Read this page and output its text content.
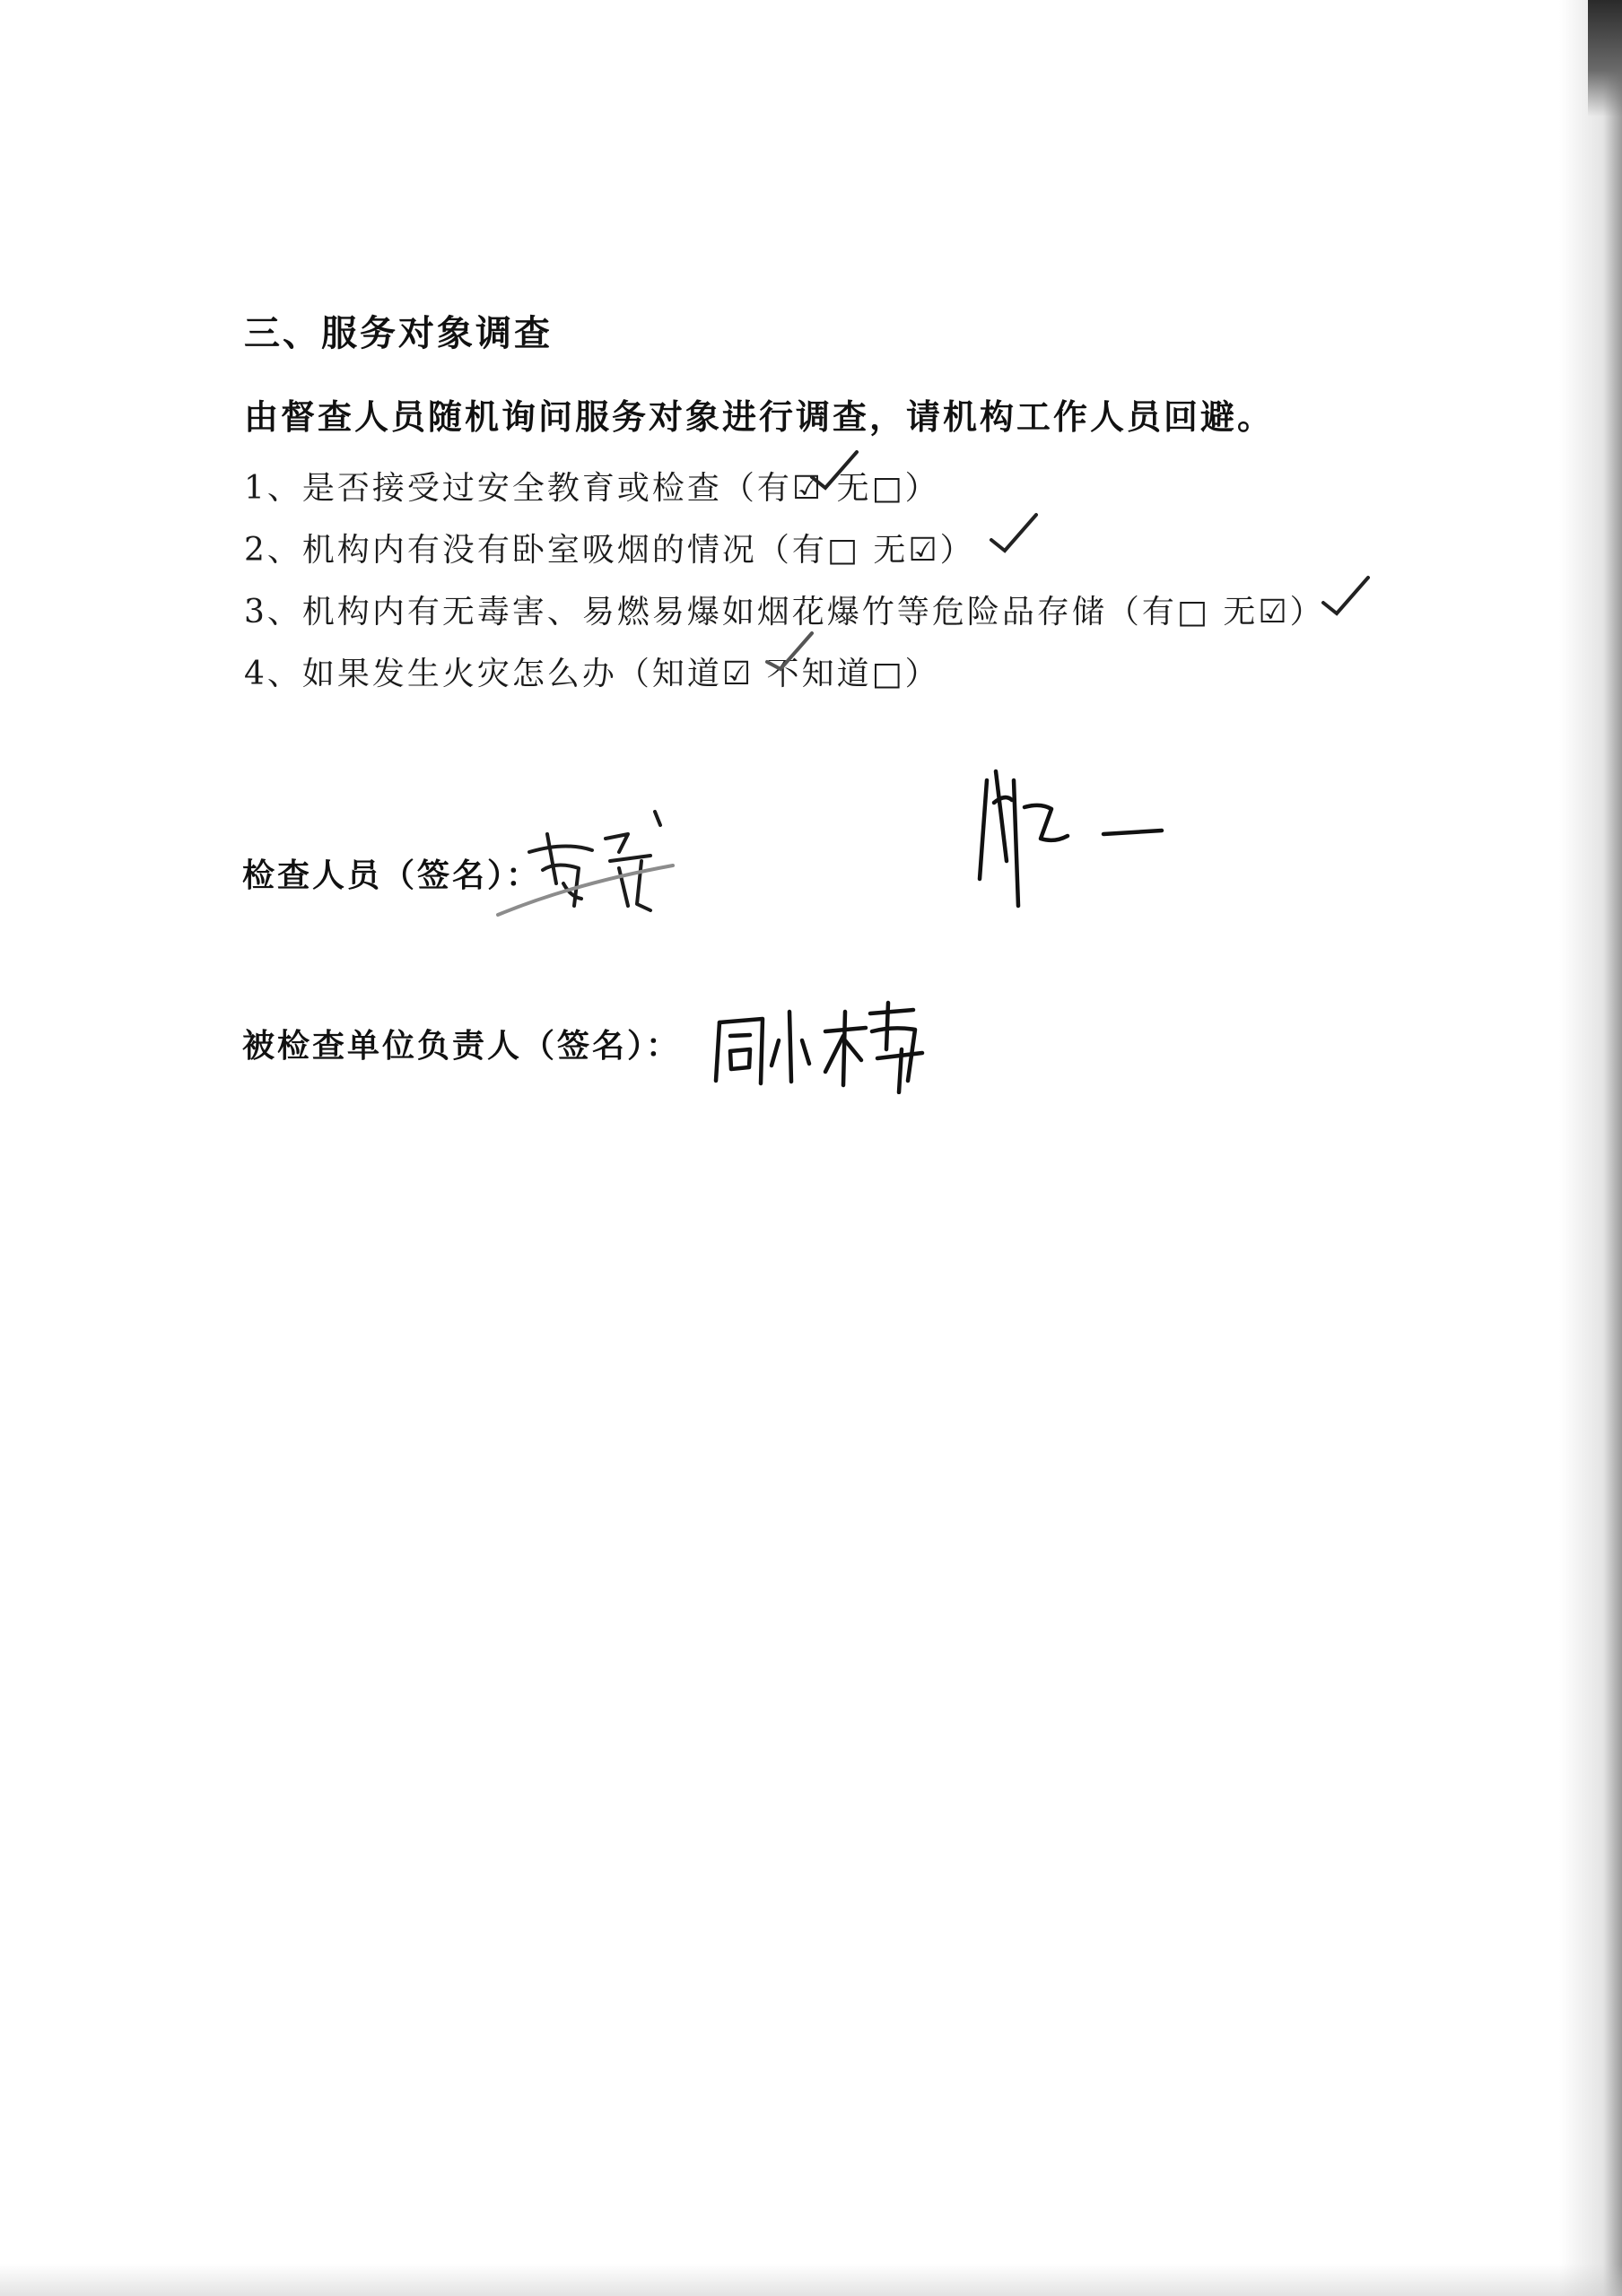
三、服务对象调查
由督查人员随机询问服务对象进行调查，请机构工作人员回避。
1、是否接受过安全教育或检查（有☑ 无□）
2、机构内有没有卧室吸烟的情况（有□ 无☑）
3、机构内有无毒害、易燃易爆如烟花爆竹等危险品存储（有□ 无☑）
4、如果发生火灾怎么办（知道☑ 不知道□）
检查人员（签名）：
被检查单位负责人（签名）：
